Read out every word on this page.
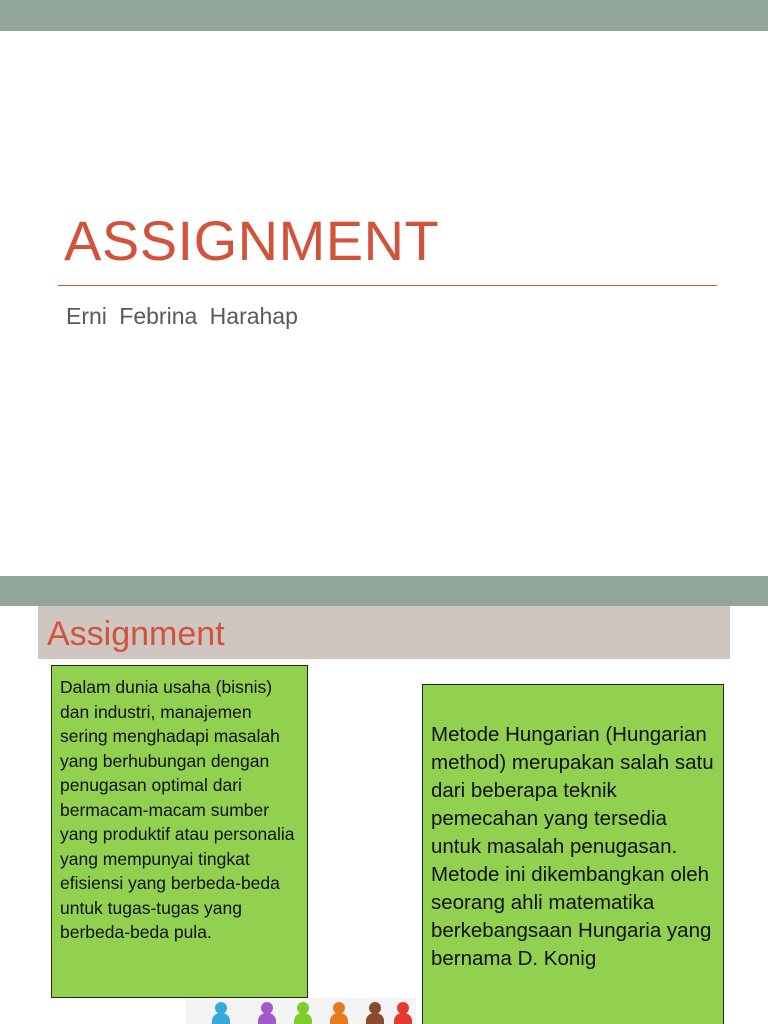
ASSIGNMENT
Erni Febrina Harahap
Assignment

Dalam dunia usaha (bisnis) dan industri, manajemen sering menghadapi masalah yang berhubungan dengan penugasan optimal dari bermacam-macam sumber yang produktif atau personalia yang mempunyai tingkat efisiensi yang berbeda-beda untuk tugas-tugas yang berbeda-beda pula.

Metode Hungarian (Hungarian method) merupakan salah satu dari beberapa teknik pemecahan yang tersedia untuk masalah penugasan. Metode ini dikembangkan oleh seorang ahli matematika berkebangsaan Hungaria yang bernama D. Konig
